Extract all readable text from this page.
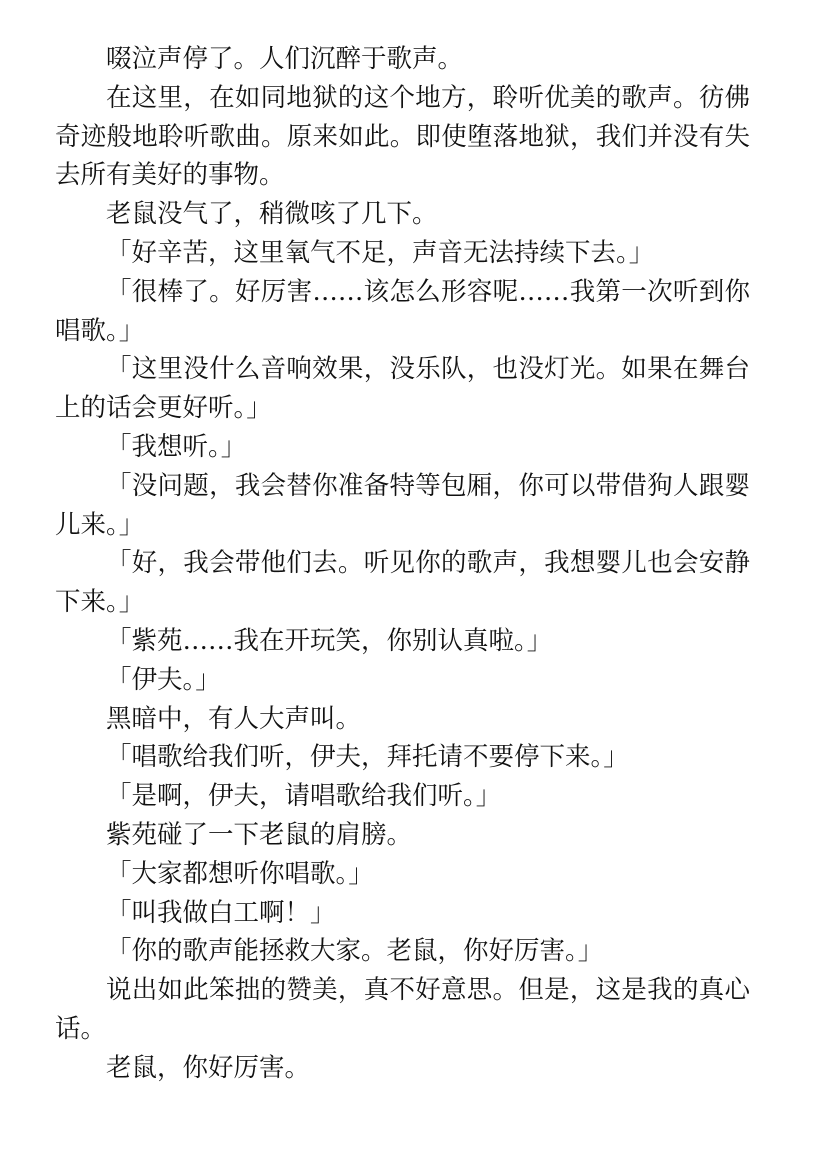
啜泣声停了。人们沉醉于歌声。

在这里，在如同地狱的这个地方，聆听优美的歌声。彷佛奇迹般地聆听歌曲。原来如此。即使堕落地狱，我们并没有失去所有美好的事物。

老鼠没气了，稍微咳了几下。

「好辛苦，这里氧气不足，声音无法持续下去。」

「很棒了。好厉害……该怎么形容呢……我第一次听到你唱歌。」

「这里没什么音响效果，没乐队，也没灯光。如果在舞台上的话会更好听。」

「我想听。」

「没问题，我会替你准备特等包厢，你可以带借狗人跟婴儿来。」

「好，我会带他们去。听见你的歌声，我想婴儿也会安静下来。」

「紫苑……我在开玩笑，你别认真啦。」

「伊夫。」

黑暗中，有人大声叫。

「唱歌给我们听，伊夫，拜托请不要停下来。」

「是啊，伊夫，请唱歌给我们听。」

紫苑碰了一下老鼠的肩膀。

「大家都想听你唱歌。」

「叫我做白工啊！」

「你的歌声能拯救大家。老鼠，你好厉害。」

说出如此笨拙的赞美，真不好意思。但是，这是我的真心话。

老鼠，你好厉害。
